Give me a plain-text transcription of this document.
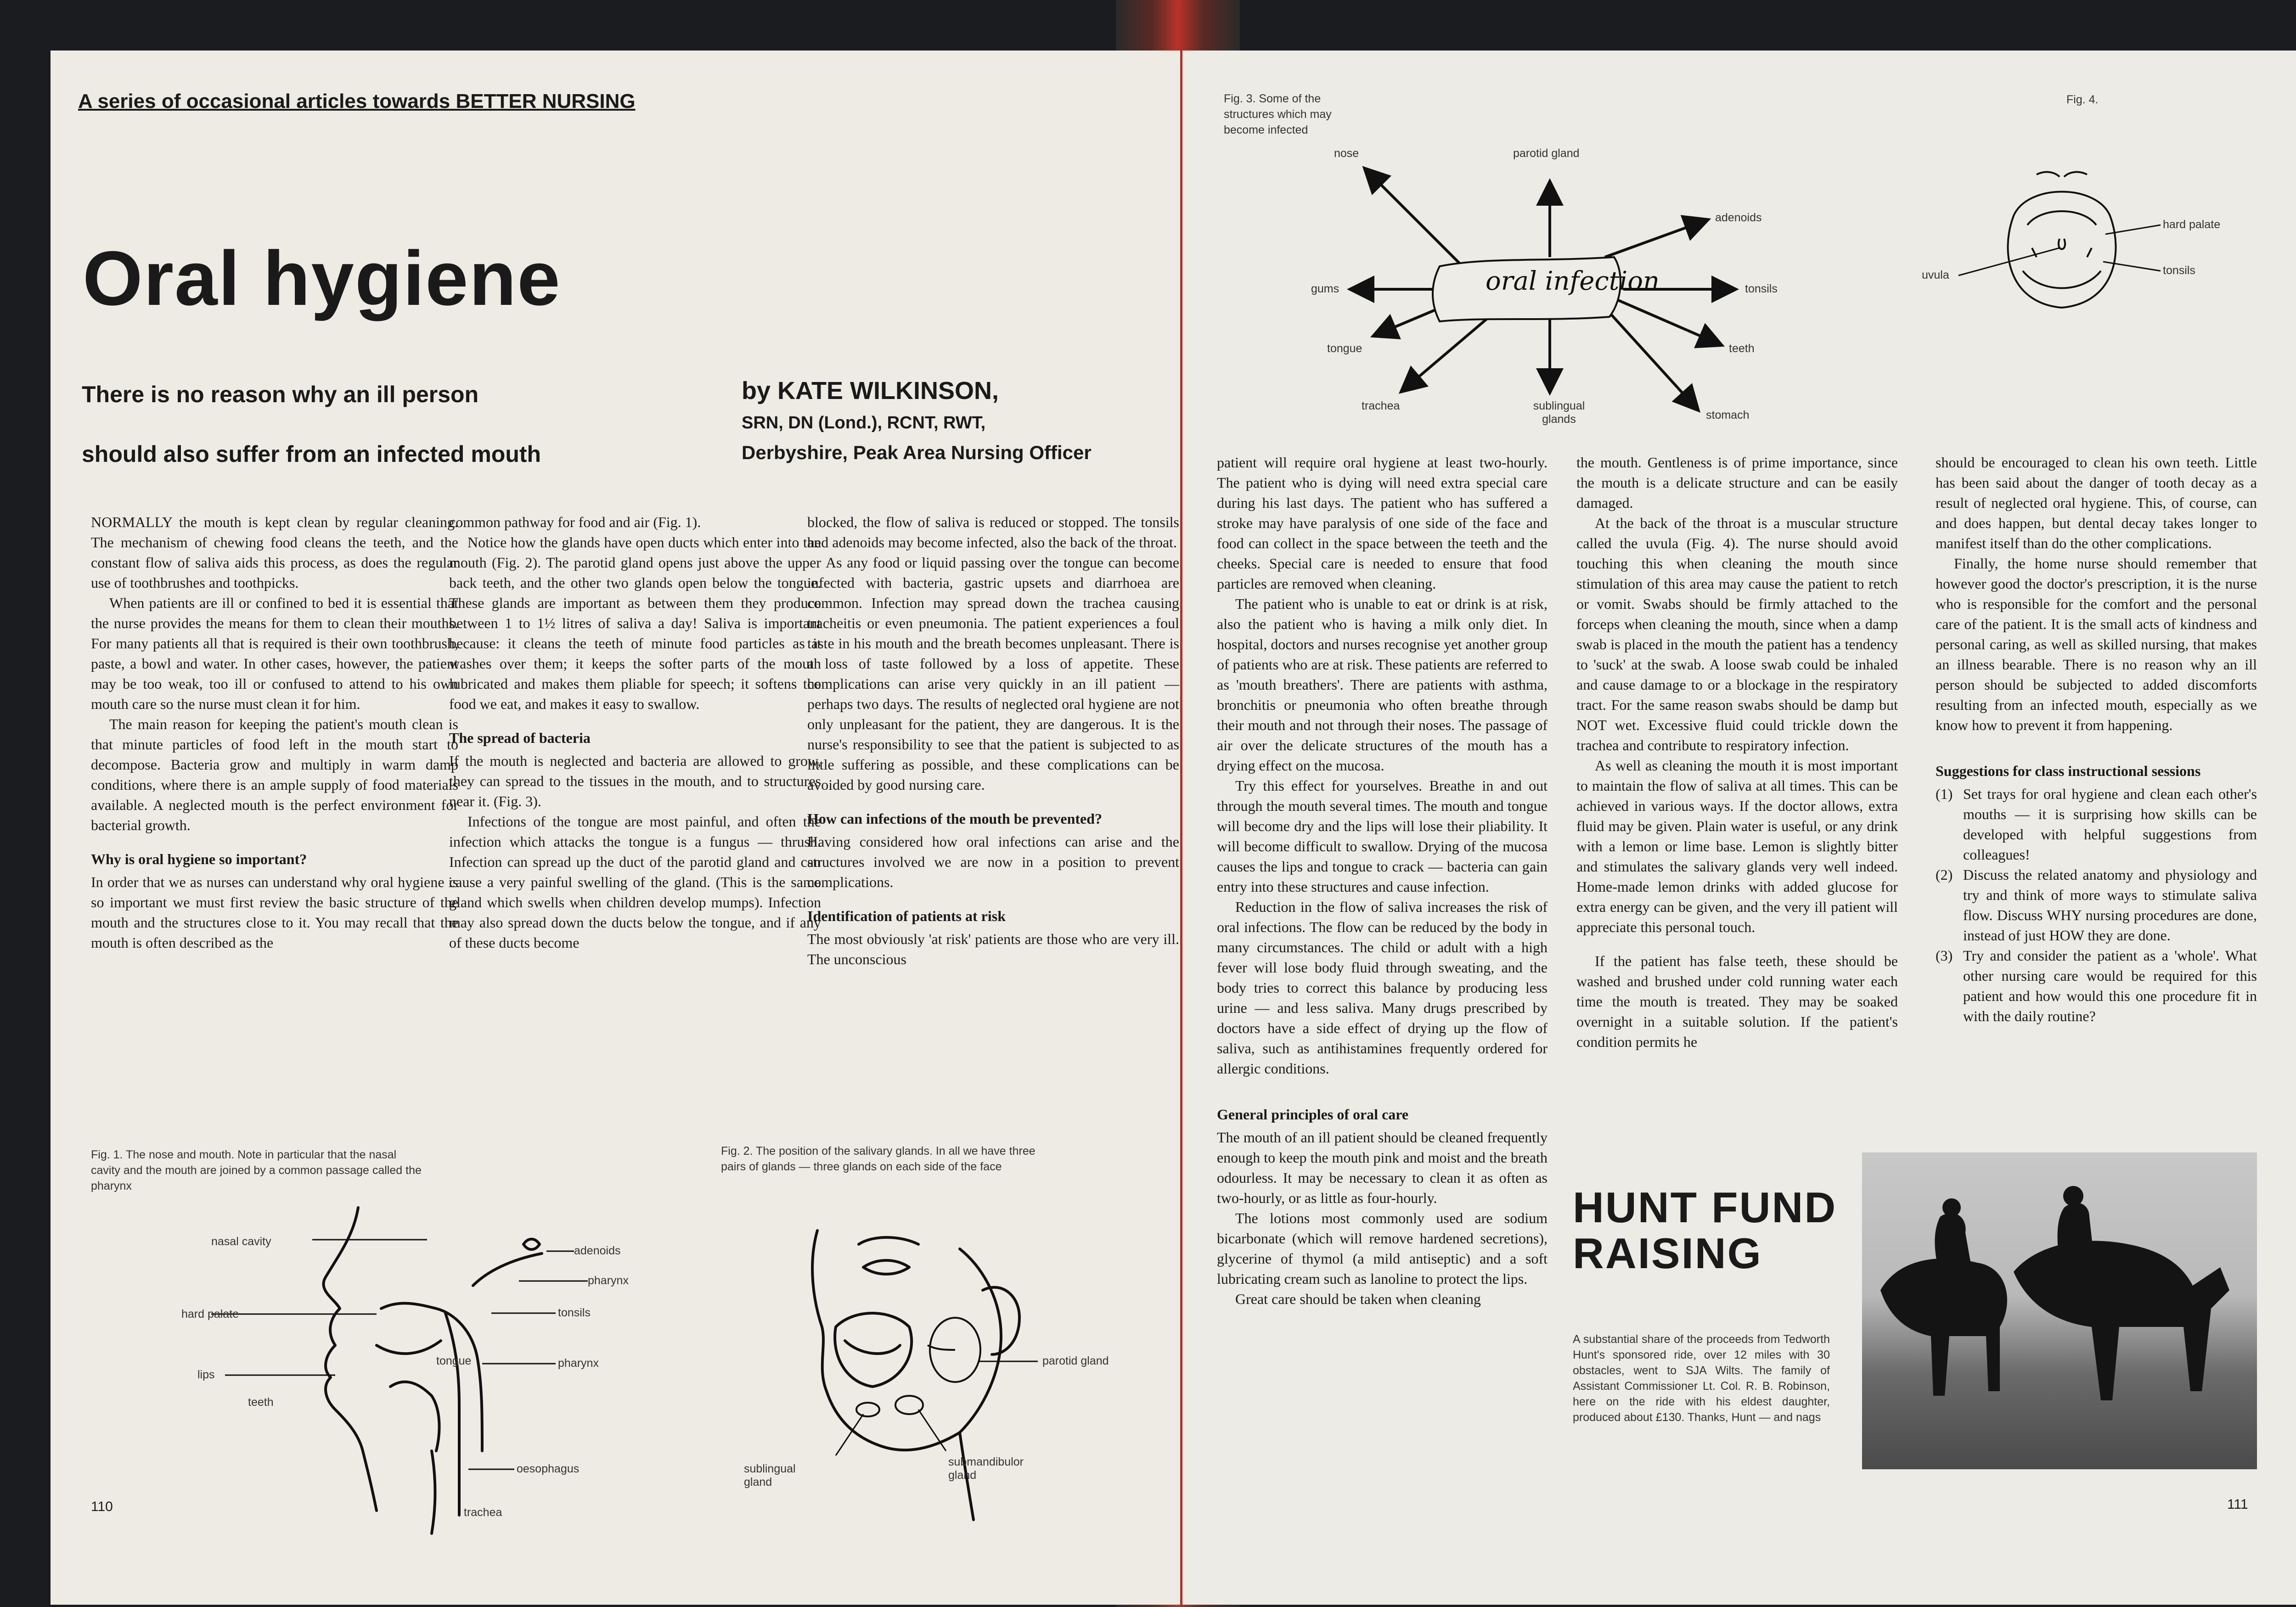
A series of occasional articles towards BETTER NURSING
Oral hygiene
There is no reason why an ill person
should also suffer from an infected mouth
by KATE WILKINSON,
SRN, DN (Lond.), RCNT, RWT,
Derbyshire, Peak Area Nursing Officer

NORMALLY the mouth is kept clean by regular cleaning. The mechanism of chewing food cleans the teeth, and the constant flow of saliva aids this process, as does the regular use of toothbrushes and toothpicks.

When patients are ill or confined to bed it is essential that the nurse provides the means for them to clean their mouths. For many patients all that is required is their own toothbrush, paste, a bowl and water. In other cases, however, the patient may be too weak, too ill or confused to attend to his own mouth care so the nurse must clean it for him.

The main reason for keeping the patient's mouth clean is that minute particles of food left in the mouth start to decompose. Bacteria grow and multiply in warm damp conditions, where there is an ample supply of food materials available. A neglected mouth is the perfect environment for bacterial growth.

Why is oral hygiene so important?

In order that we as nurses can understand why oral hygiene is so important we must first review the basic structure of the mouth and the structures close to it. You may recall that the mouth is often described as the

common pathway for food and air (Fig. 1).

Notice how the glands have open ducts which enter into the mouth (Fig. 2). The parotid gland opens just above the upper back teeth, and the other two glands open below the tongue. These glands are important as between them they produce between 1 to 1½ litres of saliva a day! Saliva is important because: it cleans the teeth of minute food particles as it washes over them; it keeps the softer parts of the mouth lubricated and makes them pliable for speech; it softens the food we eat, and makes it easy to swallow.

The spread of bacteria

If the mouth is neglected and bacteria are allowed to grow, they can spread to the tissues in the mouth, and to structures near it. (Fig. 3).

Infections of the tongue are most painful, and often the infection which attacks the tongue is a fungus — thrush. Infection can spread up the duct of the parotid gland and can cause a very painful swelling of the gland. (This is the same gland which swells when children develop mumps). Infection may also spread down the ducts below the tongue, and if any of these ducts become

blocked, the flow of saliva is reduced or stopped. The tonsils and adenoids may become infected, also the back of the throat.

As any food or liquid passing over the tongue can become infected with bacteria, gastric upsets and diarrhoea are common. Infection may spread down the trachea causing tracheitis or even pneumonia. The patient experiences a foul taste in his mouth and the breath becomes unpleasant. There is a loss of taste followed by a loss of appetite. These complications can arise very quickly in an ill patient — perhaps two days. The results of neglected oral hygiene are not only unpleasant for the patient, they are dangerous. It is the nurse's responsibility to see that the patient is subjected to as little suffering as possible, and these complications can be avoided by good nursing care.

How can infections of the mouth be prevented?

Having considered how oral infections can arise and the structures involved we are now in a position to prevent complications.

Identification of patients at risk

The most obviously 'at risk' patients are those who are very ill. The unconscious

Fig. 1. The nose and mouth. Note in particular that the nasal cavity and the mouth are joined by a common passage called the pharynx
nasal cavity
hard palate
lips
teeth
tongue
adenoids
pharynx
tonsils
pharynx
oesophagus
trachea
Fig. 2. The position of the salivary glands. In all we have three pairs of glands — three glands on each side of the face
parotid gland
sublingual gland
submandibulor gland
110
Fig. 3. Some of the structures which may become infected
oral infection
nose	parotid gland
adenoids
tonsils
teeth
stomach
sublingual glands
trachea
tongue
gums
Fig. 4.
hard palate
tonsils
uvula

patient will require oral hygiene at least two-hourly. The patient who is dying will need extra special care during his last days. The patient who has suffered a stroke may have paralysis of one side of the face and food can collect in the space between the teeth and the cheeks. Special care is needed to ensure that food particles are removed when cleaning.

The patient who is unable to eat or drink is at risk, also the patient who is having a milk only diet. In hospital, doctors and nurses recognise yet another group of patients who are at risk. These patients are referred to as 'mouth breathers'. There are patients with asthma, bronchitis or pneumonia who often breathe through their mouth and not through their noses. The passage of air over the delicate structures of the mouth has a drying effect on the mucosa.

Try this effect for yourselves. Breathe in and out through the mouth several times. The mouth and tongue will become dry and the lips will lose their pliability. It will become difficult to swallow. Drying of the mucosa causes the lips and tongue to crack — bacteria can gain entry into these structures and cause infection.

Reduction in the flow of saliva increases the risk of oral infections. The flow can be reduced by the body in many circumstances. The child or adult with a high fever will lose body fluid through sweating, and the body tries to correct this balance by producing less urine — and less saliva. Many drugs prescribed by doctors have a side effect of drying up the flow of saliva, such as antihistamines frequently ordered for allergic conditions.

General principles of oral care

The mouth of an ill patient should be cleaned frequently enough to keep the mouth pink and moist and the breath odourless. It may be necessary to clean it as often as two-hourly, or as little as four-hourly.

The lotions most commonly used are sodium bicarbonate (which will remove hardened secretions), glycerine of thymol (a mild antiseptic) and a soft lubricating cream such as lanoline to protect the lips.

Great care should be taken when cleaning

the mouth. Gentleness is of prime importance, since the mouth is a delicate structure and can be easily damaged.

At the back of the throat is a muscular structure called the uvula (Fig. 4). The nurse should avoid touching this when cleaning the mouth since stimulation of this area may cause the patient to retch or vomit. Swabs should be firmly attached to the forceps when cleaning the mouth, since when a damp swab is placed in the mouth the patient has a tendency to 'suck' at the swab. A loose swab could be inhaled and cause damage to or a blockage in the respiratory tract. For the same reason swabs should be damp but NOT wet. Excessive fluid could trickle down the trachea and contribute to respiratory infection.

As well as cleaning the mouth it is most important to maintain the flow of saliva at all times. This can be achieved in various ways. If the doctor allows, extra fluid may be given. Plain water is useful, or any drink with a lemon or lime base. Lemon is slightly bitter and stimulates the salivary glands very well indeed. Home-made lemon drinks with added glucose for extra energy can be given, and the very ill patient will appreciate this personal touch.

If the patient has false teeth, these should be washed and brushed under cold running water each time the mouth is treated. They may be soaked overnight in a suitable solution. If the patient's condition permits he

should be encouraged to clean his own teeth. Little has been said about the danger of tooth decay as a result of neglected oral hygiene. This, of course, can and does happen, but dental decay takes longer to manifest itself than do the other complications.

Finally, the home nurse should remember that however good the doctor's prescription, it is the nurse who is responsible for the comfort and the personal care of the patient. It is the small acts of kindness and personal caring, as well as skilled nursing, that makes an illness bearable. There is no reason why an ill person should be subjected to added discomforts resulting from an infected mouth, especially as we know how to prevent it from happening.

Suggestions for class instructional sessions
(1) Set trays for oral hygiene and clean each other's mouths — it is surprising how skills can be developed with helpful suggestions from colleagues!
(2) Discuss the related anatomy and physiology and try and think of more ways to stimulate saliva flow. Discuss WHY nursing procedures are done, instead of just HOW they are done.
(3) Try and consider the patient as a 'whole'. What other nursing care would be required for this patient and how would this one procedure fit in with the daily routine?
HUNT FUND
RAISING
A substantial share of the proceeds from Tedworth Hunt's sponsored ride, over 12 miles with 30 obstacles, went to SJA Wilts. The family of Assistant Commissioner Lt. Col. R. B. Robinson, here on the ride with his eldest daughter, produced about £130. Thanks, Hunt — and nags
111
